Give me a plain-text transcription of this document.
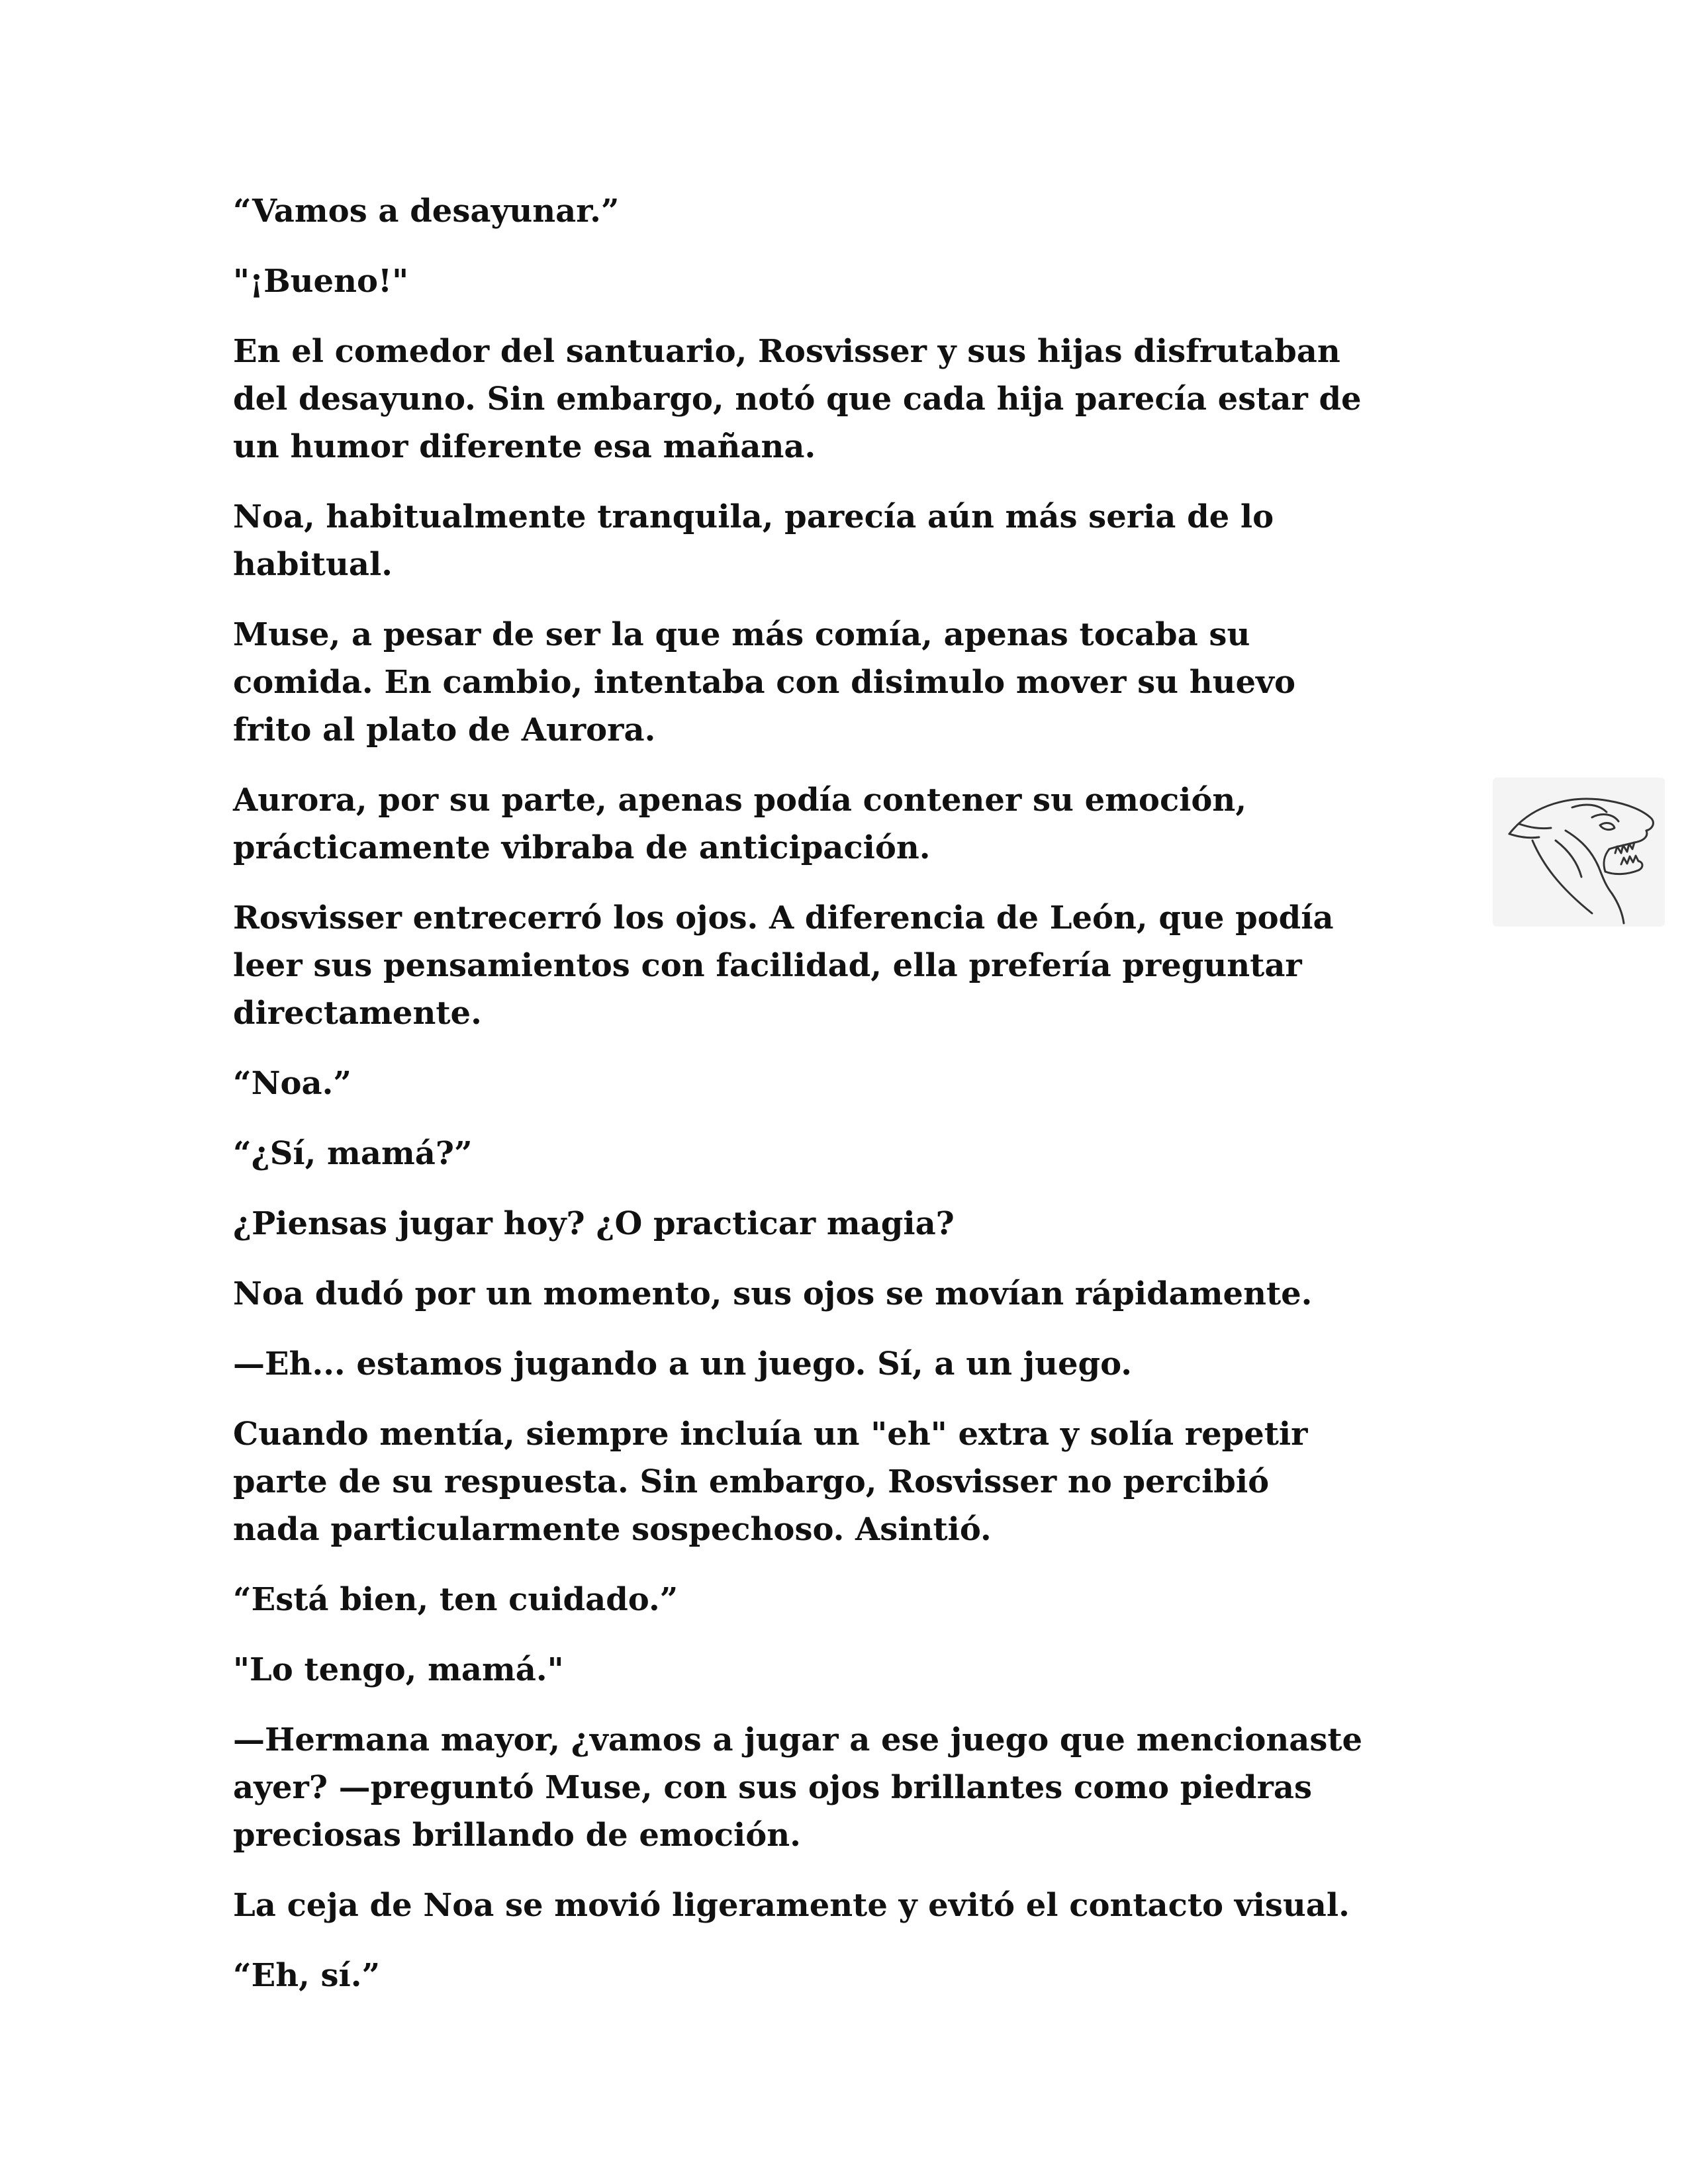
“Vamos a desayunar.”

"¡Bueno!"

En el comedor del santuario, Rosvisser y sus hijas disfrutaban
del desayuno. Sin embargo, notó que cada hija parecía estar de
un humor diferente esa mañana.

Noa, habitualmente tranquila, parecía aún más seria de lo
habitual.

Muse, a pesar de ser la que más comía, apenas tocaba su
comida. En cambio, intentaba con disimulo mover su huevo
frito al plato de Aurora.

Aurora, por su parte, apenas podía contener su emoción,
prácticamente vibraba de anticipación.

Rosvisser entrecerró los ojos. A diferencia de León, que podía
leer sus pensamientos con facilidad, ella prefería preguntar
directamente.

“Noa.”

“¿Sí, mamá?”

¿Piensas jugar hoy? ¿O practicar magia?

Noa dudó por un momento, sus ojos se movían rápidamente.

—Eh... estamos jugando a un juego. Sí, a un juego.

Cuando mentía, siempre incluía un "eh" extra y solía repetir
parte de su respuesta. Sin embargo, Rosvisser no percibió
nada particularmente sospechoso. Asintió.

“Está bien, ten cuidado.”

"Lo tengo, mamá."

—Hermana mayor, ¿vamos a jugar a ese juego que mencionaste
ayer? —preguntó Muse, con sus ojos brillantes como piedras
preciosas brillando de emoción.

La ceja de Noa se movió ligeramente y evitó el contacto visual.

“Eh, sí.”
